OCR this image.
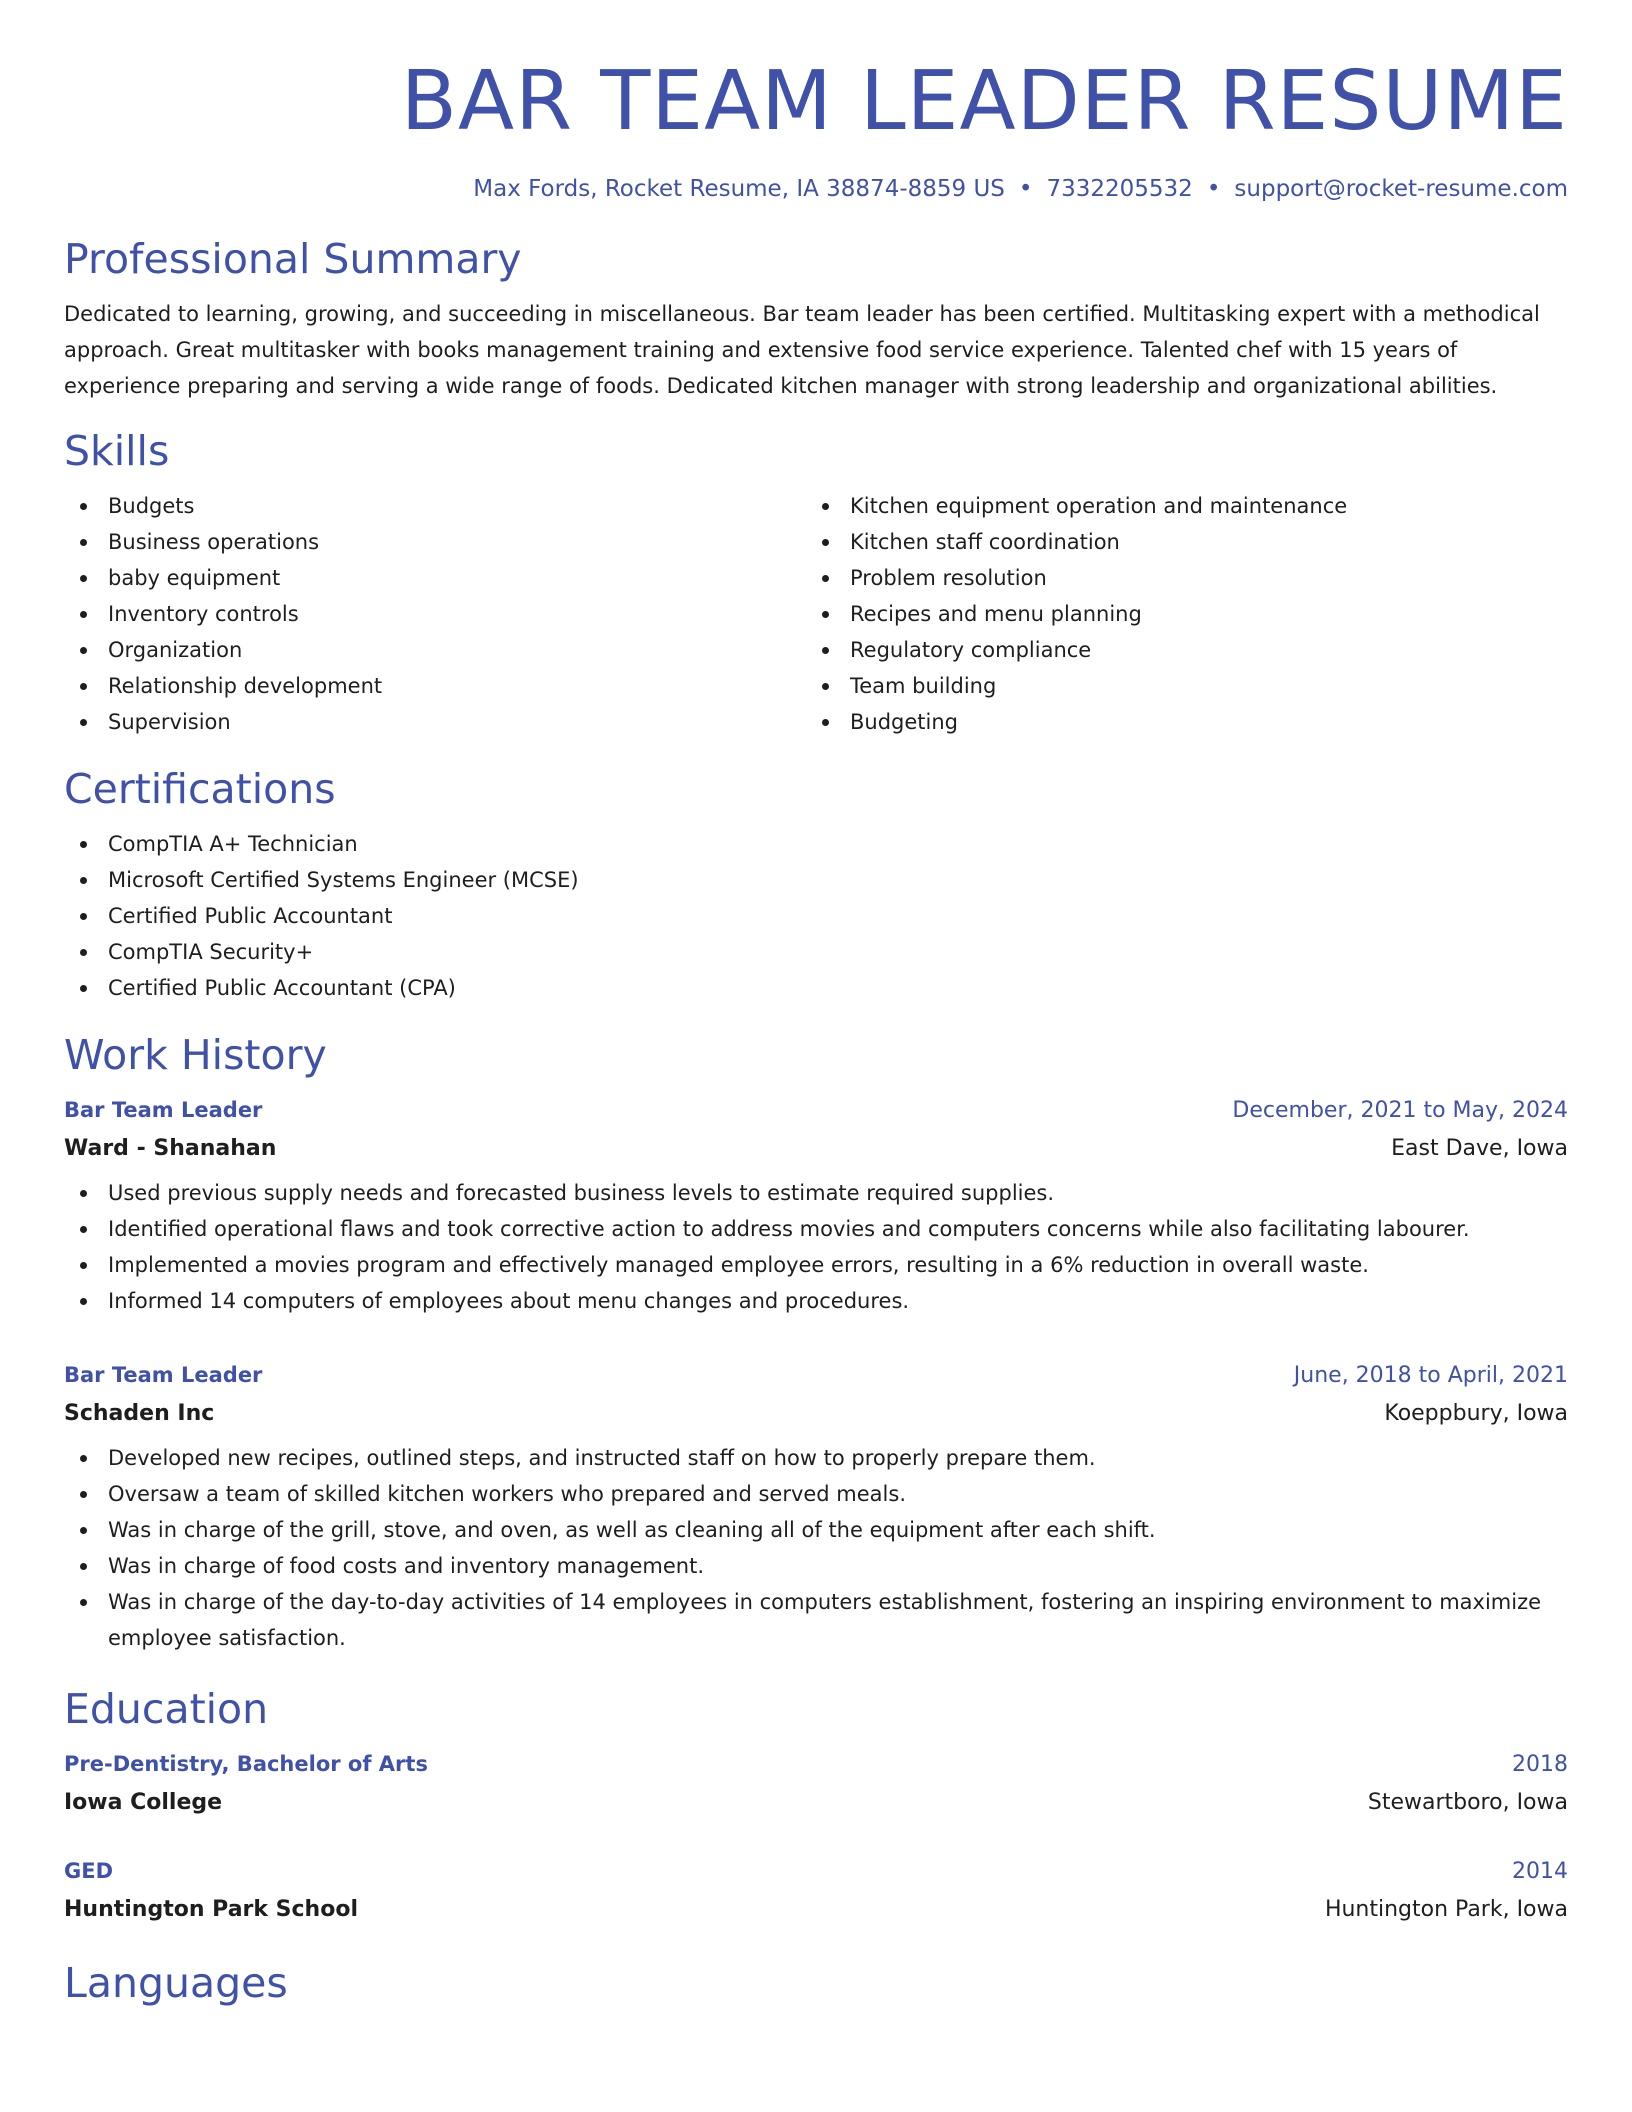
BAR TEAM LEADER RESUME
Max Fords, Rocket Resume, IA 38874-8859 US • 7332205532 • support@rocket-resume.com
Professional Summary

Dedicated to learning, growing, and succeeding in miscellaneous. Bar team leader has been certified. Multitasking expert with a methodical approach. Great multitasker with books management training and extensive food service experience. Talented chef with 15 years of experience preparing and serving a wide range of foods. Dedicated kitchen manager with strong leadership and organizational abilities.

Skills
Budgets
Business operations
baby equipment
Inventory controls
Organization
Relationship development
Supervision
Kitchen equipment operation and maintenance
Kitchen staff coordination
Problem resolution
Recipes and menu planning
Regulatory compliance
Team building
Budgeting
Certifications
CompTIA A+ Technician
Microsoft Certified Systems Engineer (MCSE)
Certified Public Accountant
CompTIA Security+
Certified Public Accountant (CPA)
Work History
Bar Team Leader	December, 2021 to May, 2024
Ward - Shanahan	East Dave, Iowa
Used previous supply needs and forecasted business levels to estimate required supplies.
Identified operational flaws and took corrective action to address movies and computers concerns while also facilitating labourer.
Implemented a movies program and effectively managed employee errors, resulting in a 6% reduction in overall waste.
Informed 14 computers of employees about menu changes and procedures.
Bar Team Leader	June, 2018 to April, 2021
Schaden Inc	Koeppbury, Iowa
Developed new recipes, outlined steps, and instructed staff on how to properly prepare them.
Oversaw a team of skilled kitchen workers who prepared and served meals.
Was in charge of the grill, stove, and oven, as well as cleaning all of the equipment after each shift.
Was in charge of food costs and inventory management.
Was in charge of the day-to-day activities of 14 employees in computers establishment, fostering an inspiring environment to maximize employee satisfaction.
Education
Pre-Dentistry, Bachelor of Arts	2018
Iowa College	Stewartboro, Iowa
GED	2014
Huntington Park School	Huntington Park, Iowa
Languages
